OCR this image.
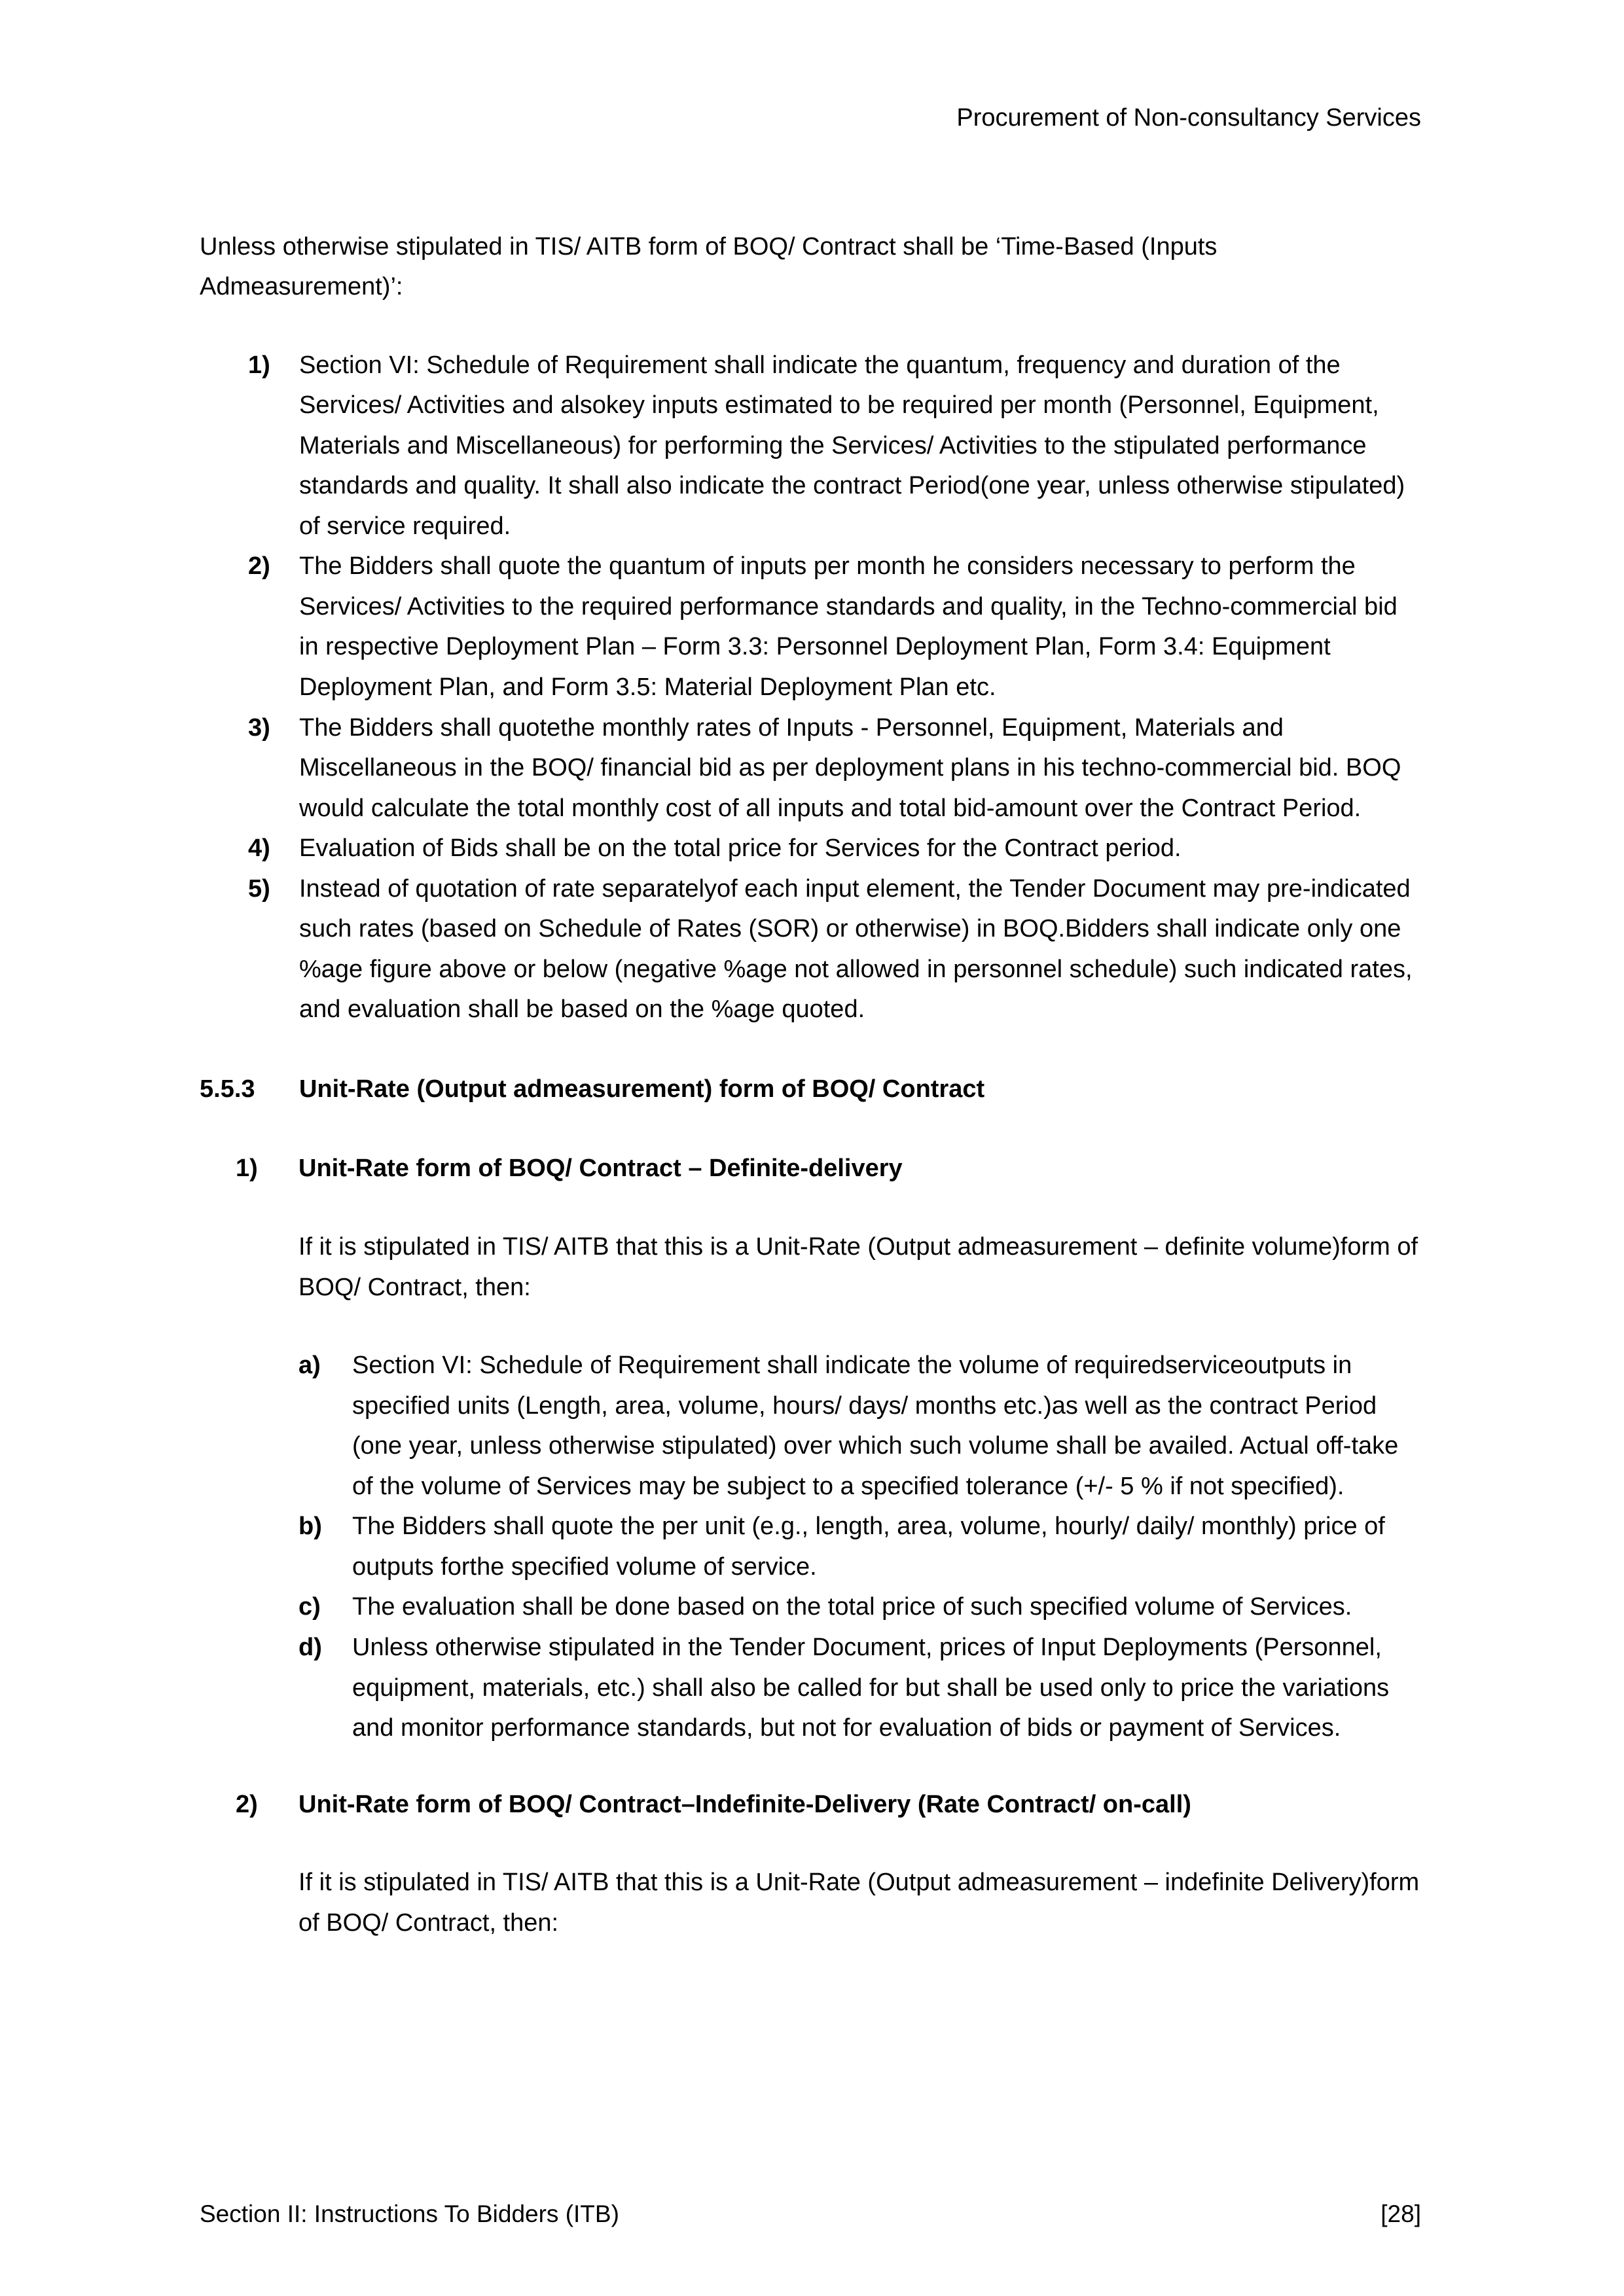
Procurement of Non-consultancy Services

Unless otherwise stipulated in TIS/ AITB form of BOQ/ Contract shall be ‘Time-Based (Inputs Admeasurement)’:

1)	Section VI: Schedule of Requirement shall indicate the quantum, frequency and duration of the Services/ Activities and alsokey inputs estimated to be required per month (Personnel, Equipment, Materials and Miscellaneous) for performing the Services/ Activities to the stipulated performance standards and quality. It shall also indicate the contract Period(one year, unless otherwise stipulated) of service required.
2)	The Bidders shall quote the quantum of inputs per month he considers necessary to perform the Services/ Activities to the required performance standards and quality, in the Techno-commercial bid in respective Deployment Plan – Form 3.3: Personnel Deployment Plan, Form 3.4: Equipment Deployment Plan, and Form 3.5: Material Deployment Plan etc.
3)	The Bidders shall quotethe monthly rates of Inputs - Personnel, Equipment, Materials and Miscellaneous in the BOQ/ financial bid as per deployment plans in his techno-commercial bid. BOQ would calculate the total monthly cost of all inputs and total bid-amount over the Contract Period.
4)	Evaluation of Bids shall be on the total price for Services for the Contract period.
5)	Instead of quotation of rate separatelyof each input element, the Tender Document may pre-indicated such rates (based on Schedule of Rates (SOR) or otherwise) in BOQ.Bidders shall indicate only one %age figure above or below (negative %age not allowed in personnel schedule) such indicated rates, and evaluation shall be based on the %age quoted.
5.5.3	Unit-Rate (Output admeasurement) form of BOQ/ Contract
1)	Unit-Rate form of BOQ/ Contract – Definite-delivery

If it is stipulated in TIS/ AITB that this is a Unit-Rate (Output admeasurement – definite volume)form of BOQ/ Contract, then:

a)	Section VI: Schedule of Requirement shall indicate the volume of requiredserviceoutputs in specified units (Length, area, volume, hours/ days/ months etc.)as well as the contract Period (one year, unless otherwise stipulated) over which such volume shall be availed. Actual off-take of the volume of Services may be subject to a specified tolerance (+/- 5 % if not specified).
b)	The Bidders shall quote the per unit (e.g., length, area, volume, hourly/ daily/ monthly) price of outputs forthe specified volume of service.
c)	The evaluation shall be done based on the total price of such specified volume of Services.
d)	Unless otherwise stipulated in the Tender Document, prices of Input Deployments (Personnel, equipment, materials, etc.) shall also be called for but shall be used only to price the variations and monitor performance standards, but not for evaluation of bids or payment of Services.
2)	Unit-Rate form of BOQ/ Contract–Indefinite-Delivery (Rate Contract/ on-call)

If it is stipulated in TIS/ AITB that this is a Unit-Rate (Output admeasurement – indefinite Delivery)form of BOQ/ Contract, then:

Section II: Instructions To Bidders (ITB)	[28]
